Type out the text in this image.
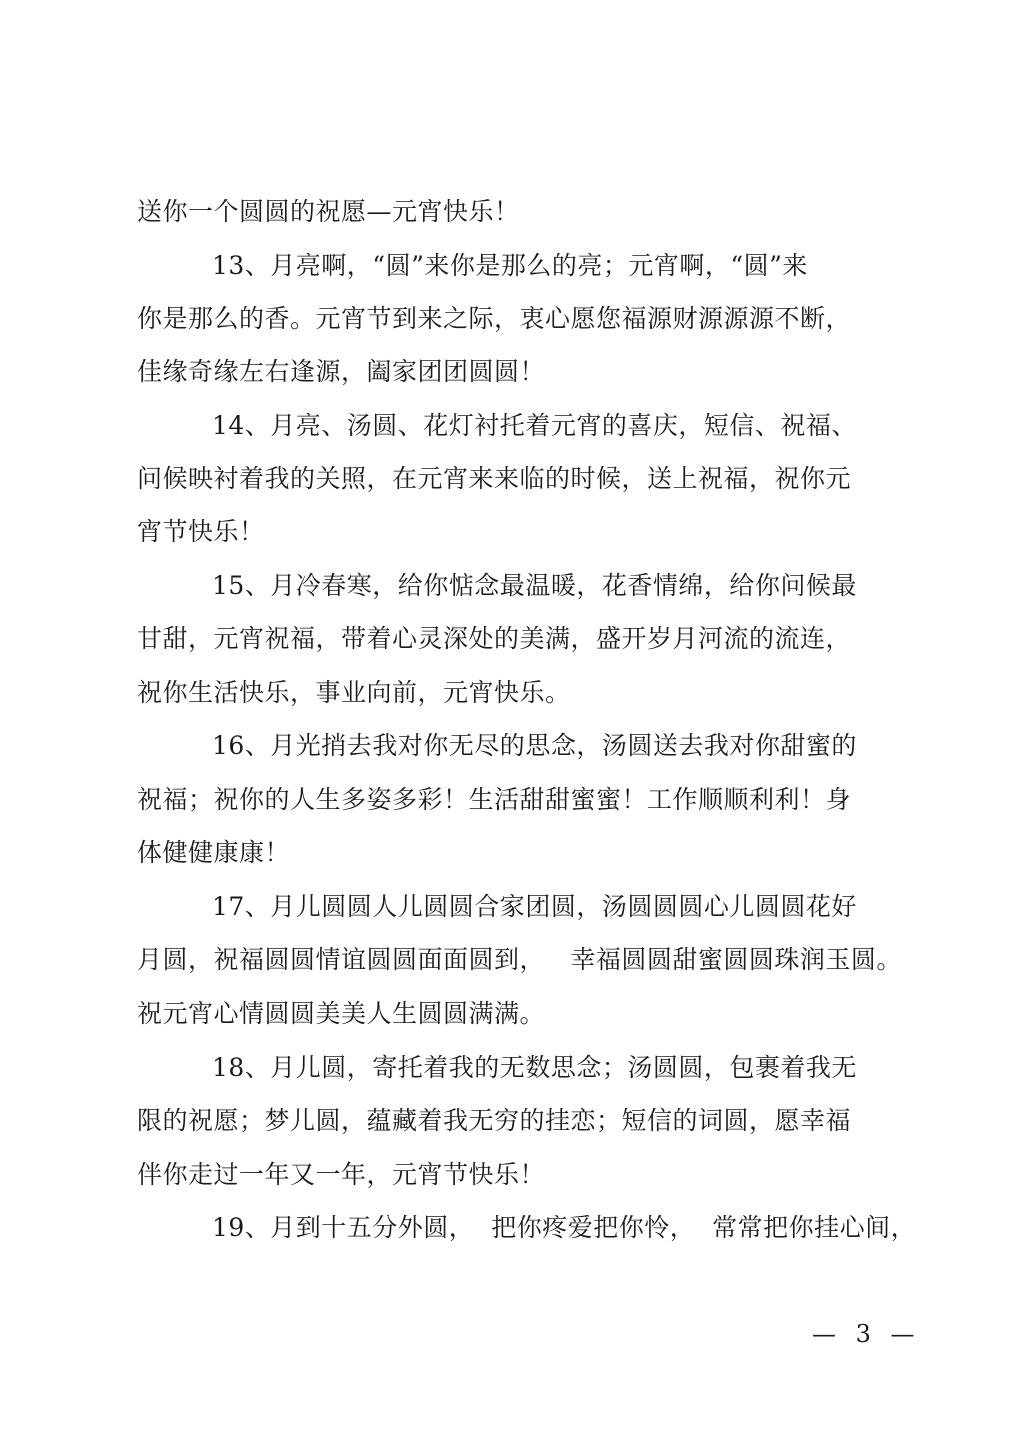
送你一个圆圆的祝愿—元宵快乐！
13、月亮啊，“圆”来你是那么的亮；元宵啊，“圆”来
你是那么的香。元宵节到来之际，衷心愿您福源财源源源不断，
佳缘奇缘左右逢源，阖家团团圆圆！
14、月亮、汤圆、花灯衬托着元宵的喜庆，短信、祝福、
问候映衬着我的关照，在元宵来来临的时候，送上祝福，祝你元
宵节快乐！
15、月冷春寒，给你惦念最温暖，花香情绵，给你问候最
甘甜，元宵祝福，带着心灵深处的美满，盛开岁月河流的流连，
祝你生活快乐，事业向前，元宵快乐。
16、月光捎去我对你无尽的思念，汤圆送去我对你甜蜜的
祝福；祝你的人生多姿多彩！生活甜甜蜜蜜！工作顺顺利利！身
体健健康康！
17、月儿圆圆人儿圆圆合家团圆，汤圆圆圆心儿圆圆花好
月圆，祝福圆圆情谊圆圆面面圆到，   幸福圆圆甜蜜圆圆珠润玉圆。
祝元宵心情圆圆美美人生圆圆满满。
18、月儿圆，寄托着我的无数思念；汤圆圆，包裹着我无
限的祝愿；梦儿圆，蕴藏着我无穷的挂恋；短信的词圆，愿幸福
伴你走过一年又一年，元宵节快乐！
19、月到十五分外圆，  把你疼爱把你怜，  常常把你挂心间，
— 3 —
